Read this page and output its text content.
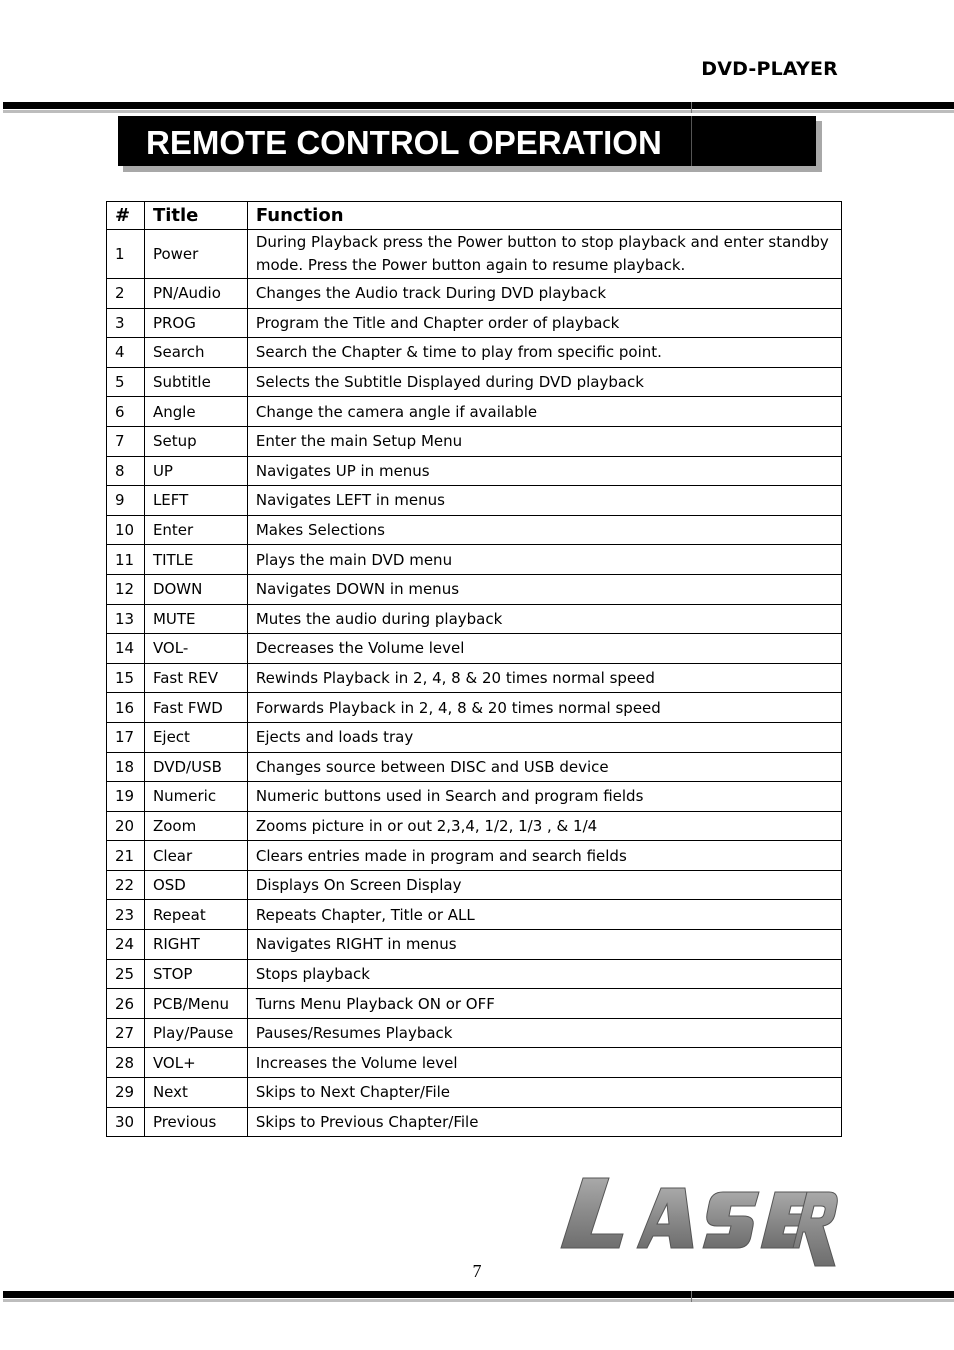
DVD-PLAYER
REMOTE CONTROL OPERATION
#	Title	Function
1	Power	During Playback press the Power button to stop playback and enter standby mode. Press the Power button again to resume playback.
2	PN/Audio	Changes the Audio track During DVD playback
3	PROG	Program the Title and Chapter order of playback
4	Search	Search the Chapter & time to play from specific point.
5	Subtitle	Selects the Subtitle Displayed during DVD playback
6	Angle	Change the camera angle if available
7	Setup	Enter the main Setup Menu
8	UP	Navigates UP in menus
9	LEFT	Navigates LEFT in menus
10	Enter	Makes Selections
11	TITLE	Plays the main DVD menu
12	DOWN	Navigates DOWN in menus
13	MUTE	Mutes the audio during playback
14	VOL-	Decreases the Volume level
15	Fast REV	Rewinds Playback in 2, 4, 8 & 20 times normal speed
16	Fast FWD	Forwards Playback in 2, 4, 8 & 20 times normal speed
17	Eject	Ejects and loads tray
18	DVD/USB	Changes source between DISC and USB device
19	Numeric	Numeric buttons used in Search and program fields
20	Zoom	Zooms picture in or out 2,3,4, 1/2, 1/3 , & 1/4
21	Clear	Clears entries made in program and search fields
22	OSD	Displays On Screen Display
23	Repeat	Repeats Chapter, Title or ALL
24	RIGHT	Navigates RIGHT in menus
25	STOP	Stops playback
26	PCB/Menu	Turns Menu Playback ON or OFF
27	Play/Pause	Pauses/Resumes Playback
28	VOL+	Increases the Volume level
29	Next	Skips to Next Chapter/File
30	Previous	Skips to Previous Chapter/File
7
